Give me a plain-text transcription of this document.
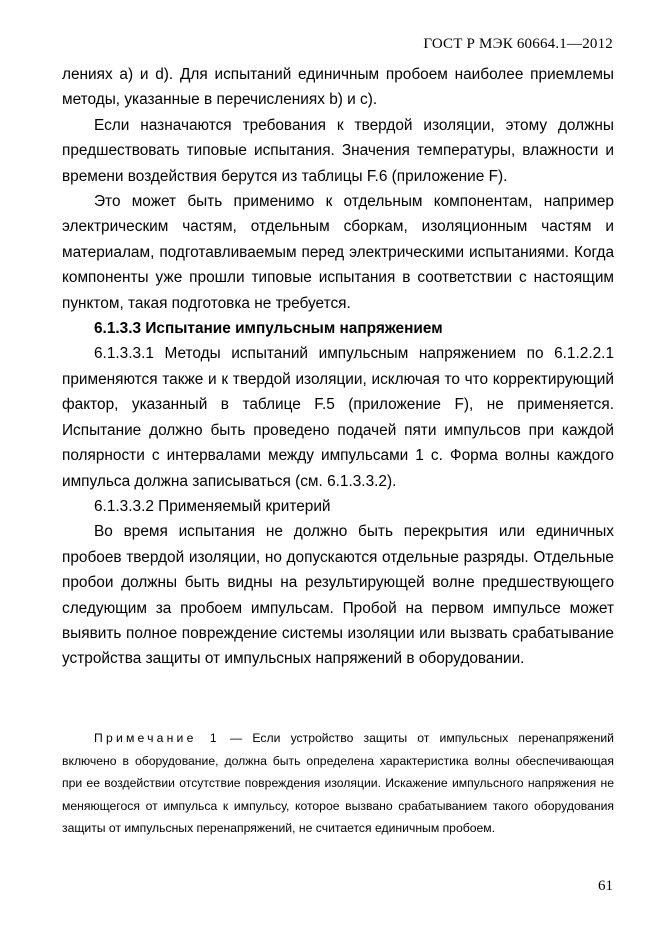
ГОСТ Р МЭК 60664.1—2012

лениях а) и d). Для испытаний единичным пробоем наиболее приемлемы методы, указанные в перечислениях b) и c).

Если назначаются требования к твердой изоляции, этому должны предшествовать типовые испытания. Значения температуры, влажности и времени воздействия берутся из таблицы F.6 (приложение F).

Это может быть применимо к отдельным компонентам, например электрическим частям, отдельным сборкам, изоляционным частям и материалам, подготавливаемым перед электрическими испытаниями. Когда компоненты уже прошли типовые испытания в соответствии с настоящим пунктом, такая подготовка не требуется.

6.1.3.3 Испытание импульсным напряжением

6.1.3.3.1 Методы испытаний импульсным напряжением по 6.1.2.2.1 применяются также и к твердой изоляции, исключая то что корректирующий фактор, указанный в таблице F.5 (приложение F), не применяется. Испытание должно быть проведено подачей пяти импульсов при каждой полярности с интервалами между импульсами 1 с. Форма волны каждого импульса должна записываться (см. 6.1.3.3.2).

6.1.3.3.2 Применяемый критерий

Во время испытания не должно быть перекрытия или единичных пробоев твердой изоляции, но допускаются отдельные разряды. Отдельные пробои должны быть видны на результирующей волне предшествующего следующим за пробоем импульсам. Пробой на первом импульсе может выявить полное повреждение системы изоляции или вызвать срабатывание устройства защиты от импульсных напряжений в оборудовании.

Примечание 1 — Если устройство защиты от импульсных перенапряжений включено в оборудование, должна быть определена характеристика волны обеспечивающая при ее воздействии отсутствие повреждения изоляции. Искажение импульсного напряжения не меняющегося от импульса к импульсу, которое вызвано срабатыванием такого оборудования защиты от импульсных перенапряжений, не считается единичным пробоем.
61
